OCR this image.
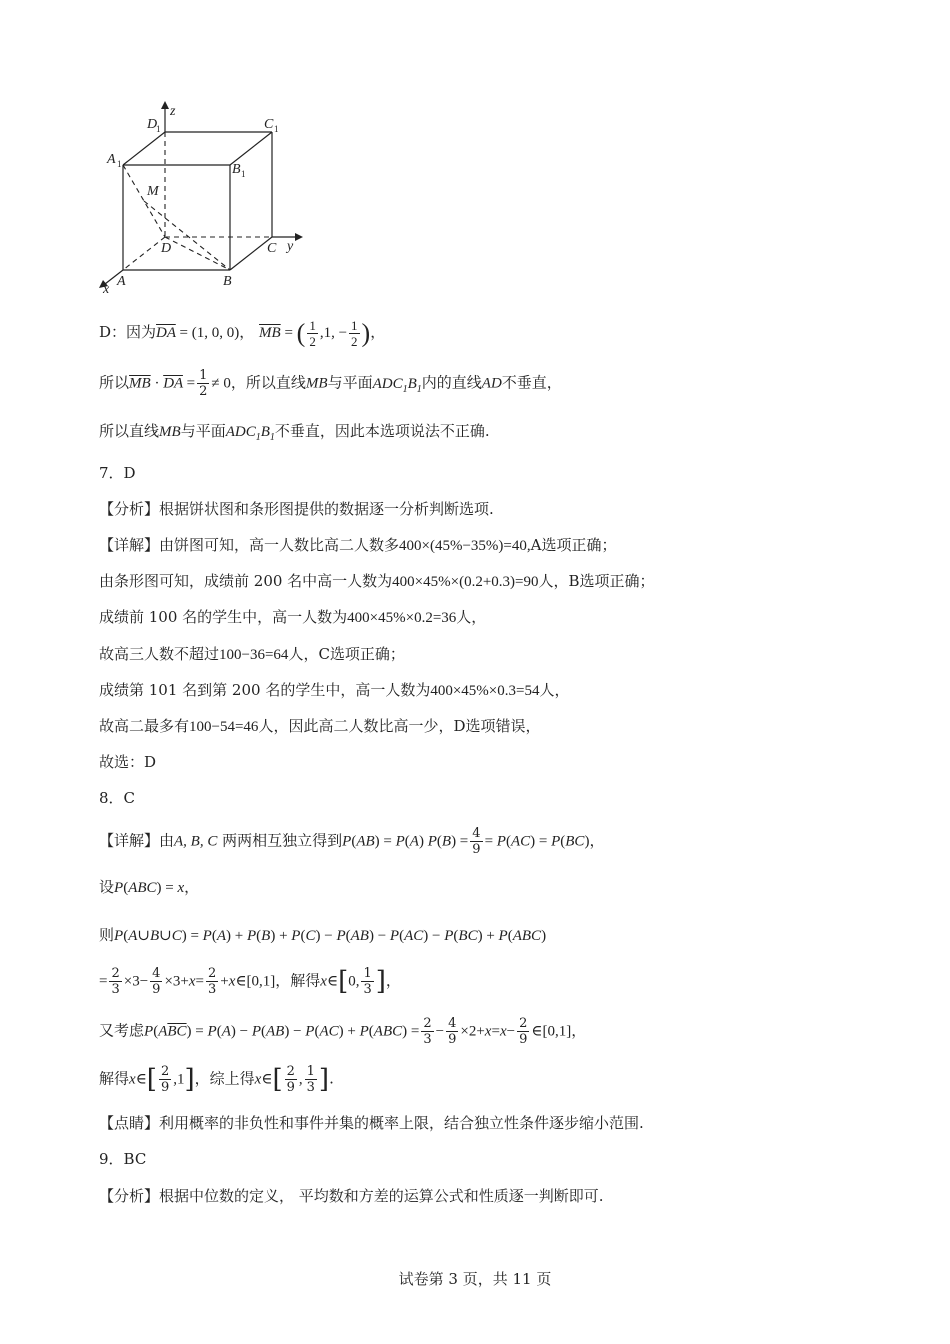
D
1
z
C 1
A 1	B 1
M
D	C y
A	B
x
D：因为$\overline{DA} = (1$, 0, 0)， $\overline{MB}$ = ( $\frac{1}{2} ,1$, − $\frac{1}{2}$ )，
所以$\overline{MB} \cdot \overline{DA} = \frac{1}{2} \ne 0$，所以直线MB与平面$ADC_1B_1$内的直线AD不垂直，
所以直线MB与平面$ADC_1B_1$不垂直，因此本选项说法不正确.
7．D
【分析】根据饼状图和条形图提供的数据逐一分析判断选项.
【详解】由饼图可知，高一人数比高二人数多400×(45%−35%)=40,A选项正确；
由条形图可知，成绩前 200 名中高一人数为400×45%×(0.2+0.3)=90人，B选项正确；
成绩前 100 名的学生中，高一人数为400×45%×0.2=36人，
故高三人数不超过100−36=64人，C选项正确；
成绩第 101 名到第 200 名的学生中，高一人数为400×45%×0.3=54人，
故高二最多有100−54=46人，因此高二人数比高一少，D选项错误，
故选：D
8．C
【详解】由A, B, C 两两相互独立得到P(AB) = P(A) $P(B) = \frac{4}{9} = P(AC) = P(BC)$，
设P(ABC) = x，
则P(A∪B∪C) = P(A) + P(B) + P(C) − P(AB) − P(AC) − P(BC) + P(ABC)
= $\frac{2}{3} \times 3- \frac{4}{9} \times 3+x= \frac{2}{3}$ +x∈[0,1]，解得x∈[0, $\frac{1}{3}$ ]，
又考虑$P(A\overline{B}\overline{C}) = P(A) - P(AB) - P(AC) + P(ABC) = \frac{2}{3} - \frac{4}{9} \times 2+x=x- \frac{2}{9}$ ∈[0,1]，
解得x∈[ $\frac{2}{9} ,1$]，综上得x∈[ $\frac{2}{9}$ , $\frac{1}{3}$ ].
【点睛】利用概率的非负性和事件并集的概率上限，结合独立性条件逐步缩小范围.
9．BC
【分析】根据中位数的定义， 平均数和方差的运算公式和性质逐一判断即可.
试卷第 3 页，共 11 页
